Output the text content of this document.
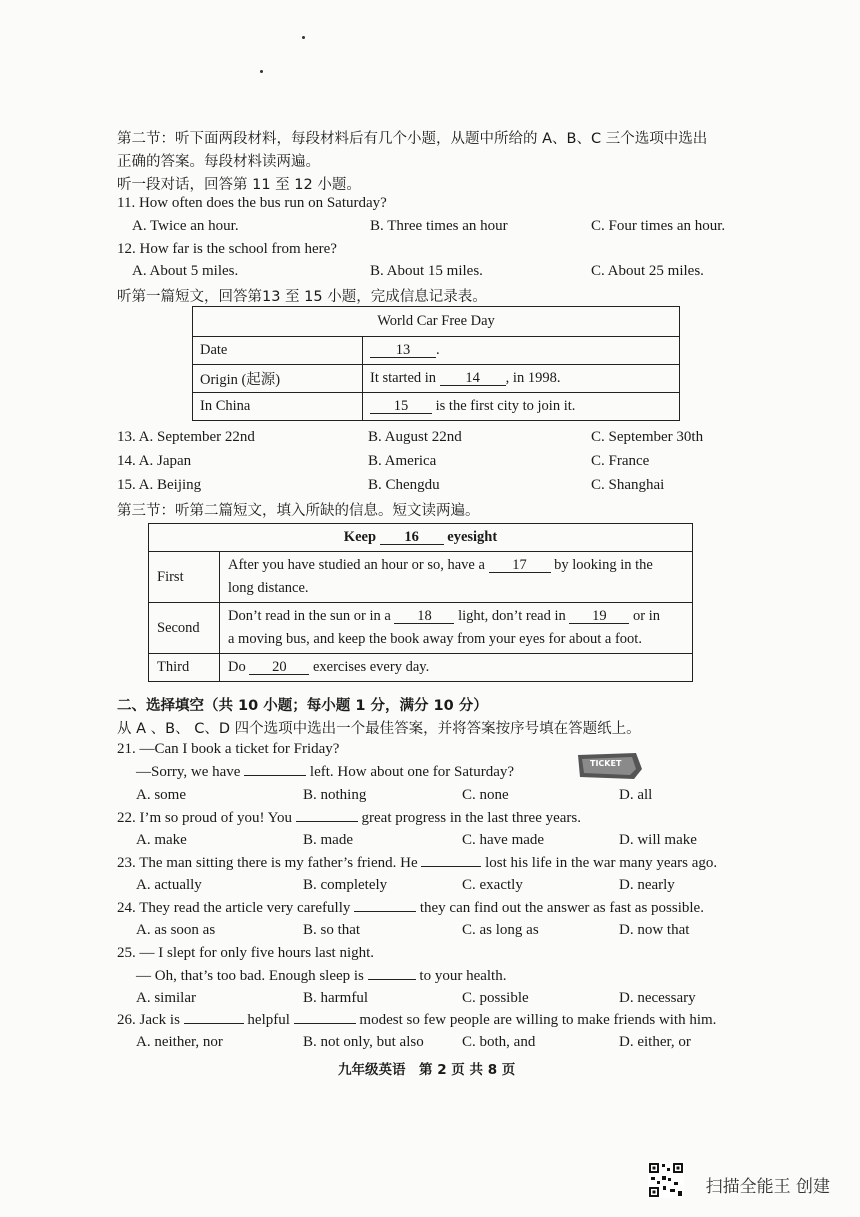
第二节：听下面两段材料，每段材料后有几个小题，从题中所给的 A、B、C 三个选项中选出
正确的答案。每段材料读两遍。
听一段对话，回答第 11 至 12 小题。
11. How often does the bus run on Saturday?
A. Twice an hour.	B. Three times an hour	C. Four times an hour.
12. How far is the school from here?
A. About 5 miles.	B. About 15 miles.	C. About 25 miles.
听第一篇短文，回答第13 至 15 小题，完成信息记录表。
World Car Free Day	
Date	13 .
Origin (起源)	It started in 14 , in 1998.
In China	15 is the first city to join it.
13. A. September 22nd	B. August 22nd	C. September 30th
14. A. Japan	B. America	C. France
15. A. Beijing	B. Chengdu	C. Shanghai
第三节：听第二篇短文，填入所缺的信息。短文读两遍。
Keep 16 eyesight	
First	After you have studied an hour or so, have a 17 by looking in the
long distance.
Second	Don’t read in the sun or in a 18 light, don’t read in 19 or in
a moving bus, and keep the book away from your eyes for about a foot.
Third	Do 20 exercises every day.
二、选择填空（共 10 小题；每小题 1 分，满分 10 分）
从 A 、B、 C、D 四个选项中选出一个最佳答案，并将答案按序号填在答题纸上。
21. —Can I book a ticket for Friday?
—Sorry, we have	left. How about one for Saturday?
TICKET
A. some	B. nothing	C. none	D. all
22. I’m so proud of you! You	great progress in the last three years.
A. make	B. made	C. have made	D. will make
23. The man sitting there is my father’s friend. He	lost his life in the war many years ago.
A. actually	B. completely	C. exactly	D. nearly
24. They read the article very carefully	they can find out the answer as fast as possible.
A. as soon as	B. so that	C. as long as	D. now that
25. — I slept for only five hours last night.
— Oh, that’s too bad. Enough sleep is	to your health.
A. similar	B. harmful	C. possible	D. necessary
26. Jack is	helpful	modest so few people are willing to make friends with him.
A. neither, nor	B. not only, but also	C. both, and	D. either, or
九年级英语　第 2 页 共 8 页
扫描全能王 创建
